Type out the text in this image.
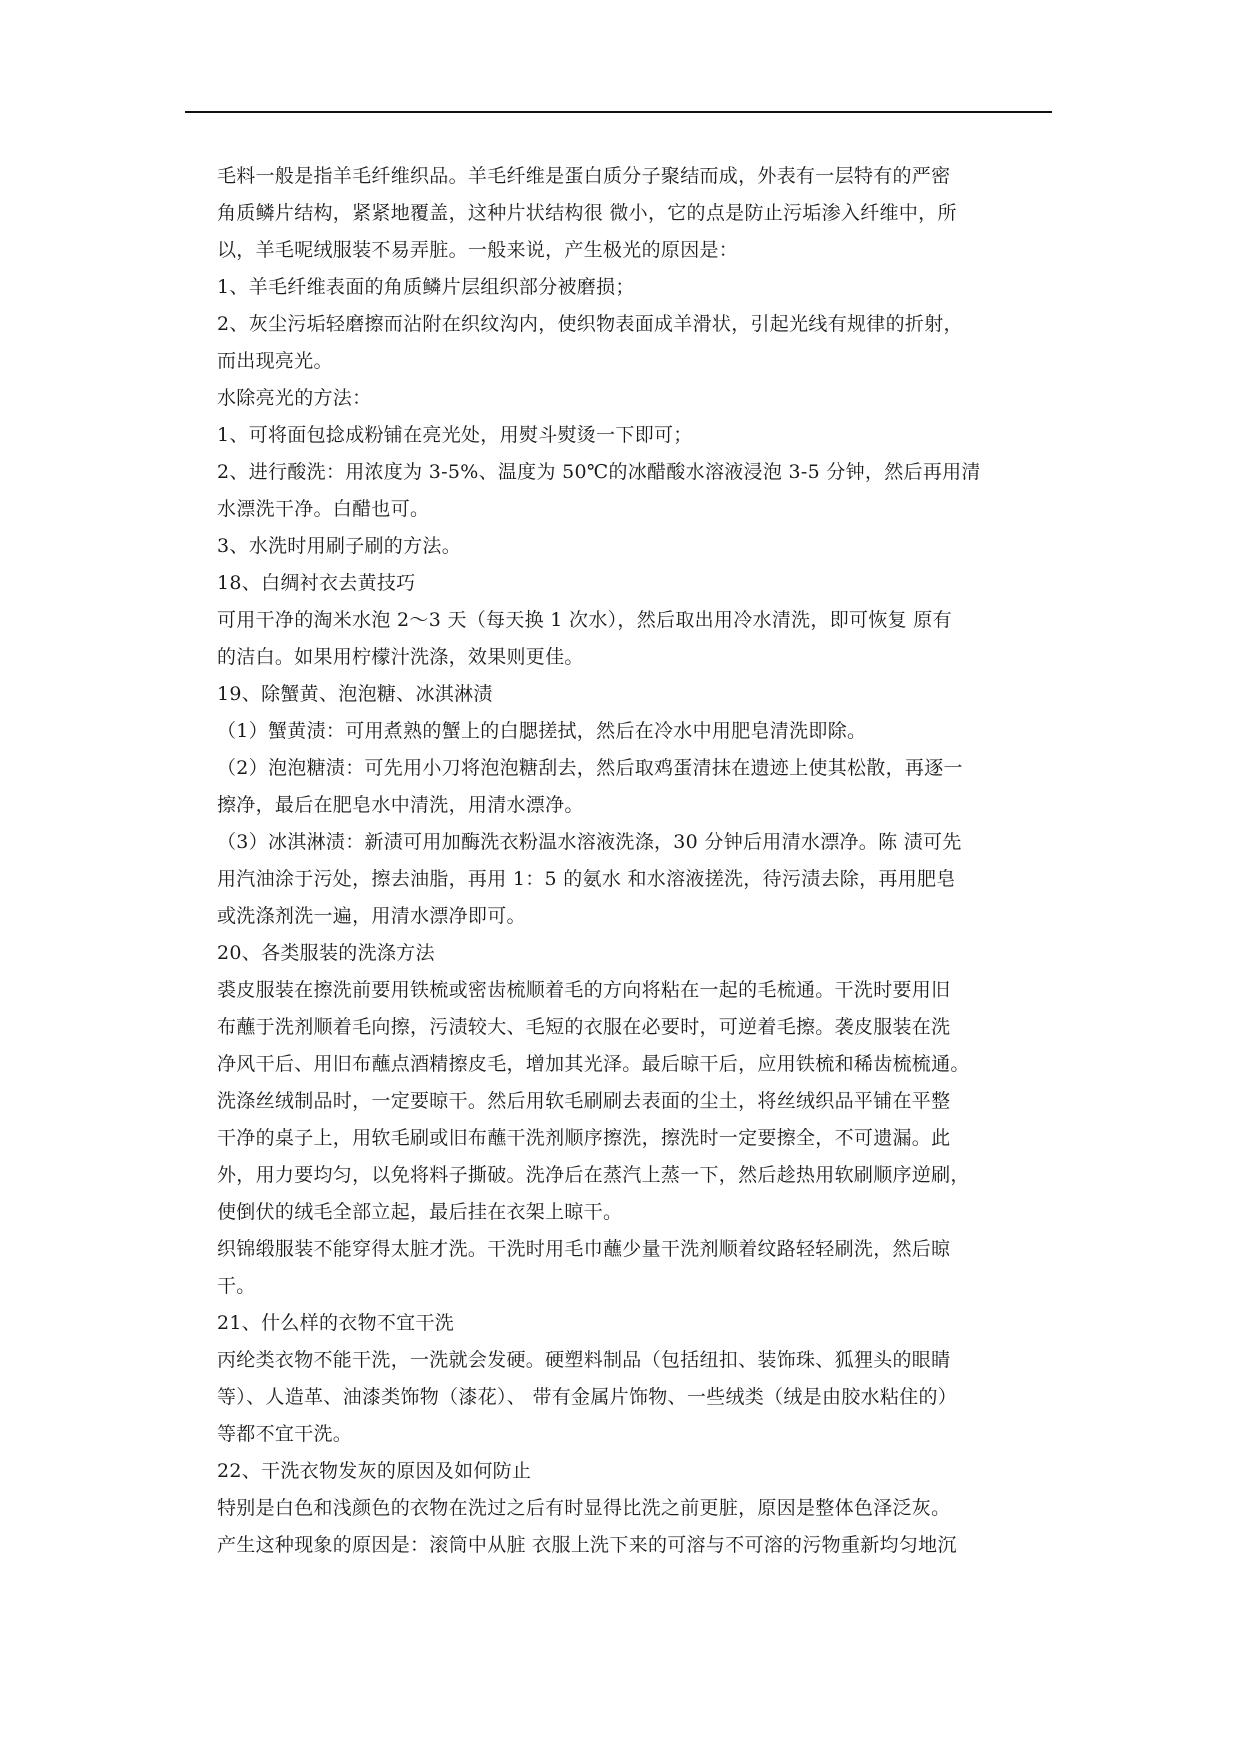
毛料一般是指羊毛纤维织品。羊毛纤维是蛋白质分子聚结而成，外表有一层特有的严密
角质鳞片结构，紧紧地覆盖，这种片状结构很 微小，它的点是防止污垢渗入纤维中，所
以，羊毛呢绒服装不易弄脏。一般来说，产生极光的原因是：
1、羊毛纤维表面的角质鳞片层组织部分被磨损；
2、灰尘污垢轻磨擦而沾附在织纹沟内，使织物表面成羊滑状，引起光线有规律的折射，
而出现亮光。
水除亮光的方法：
1、可将面包捻成粉铺在亮光处，用熨斗熨烫一下即可；
2、进行酸洗：用浓度为 3-5%、温度为 50℃的冰醋酸水溶液浸泡 3-5 分钟，然后再用清
水漂洗干净。白醋也可。
3、水洗时用刷子刷的方法。
18、白绸衬衣去黄技巧
可用干净的淘米水泡 2～3 天（每天换 1 次水），然后取出用冷水清洗，即可恢复 原有
的洁白。如果用柠檬汁洗涤，效果则更佳。
19、除蟹黄、泡泡糖、冰淇淋渍
（1）蟹黄渍：可用煮熟的蟹上的白腮搓拭，然后在冷水中用肥皂清洗即除。
（2）泡泡糖渍：可先用小刀将泡泡糖刮去，然后取鸡蛋清抹在遗迹上使其松散，再逐一
擦净，最后在肥皂水中清洗，用清水漂净。
（3）冰淇淋渍：新渍可用加酶洗衣粉温水溶液洗涤，30 分钟后用清水漂净。陈 渍可先
用汽油涂于污处，擦去油脂，再用 1：5 的氨水 和水溶液搓洗，待污渍去除，再用肥皂
或洗涤剂洗一遍，用清水漂净即可。
20、各类服装的洗涤方法
裘皮服装在擦洗前要用铁梳或密齿梳顺着毛的方向将粘在一起的毛梳通。干洗时要用旧
布蘸于洗剂顺着毛向擦，污渍较大、毛短的衣服在必要时，可逆着毛擦。袭皮服装在洗
净风干后、用旧布蘸点酒精擦皮毛，增加其光泽。最后晾干后，应用铁梳和稀齿梳梳通。
洗涤丝绒制品时，一定要晾干。然后用软毛刷刷去表面的尘土，将丝绒织品平铺在平整
干净的桌子上，用软毛刷或旧布蘸干洗剂顺序擦洗，擦洗时一定要擦全，不可遗漏。此
外，用力要均匀，以免将料子撕破。洗净后在蒸汽上蒸一下，然后趁热用软刷顺序逆刷，
使倒伏的绒毛全部立起，最后挂在衣架上晾干。
织锦缎服装不能穿得太脏才洗。干洗时用毛巾蘸少量干洗剂顺着纹路轻轻刷洗，然后晾
干。
21、什么样的衣物不宜干洗
丙纶类衣物不能干洗，一洗就会发硬。硬塑料制品（包括纽扣、装饰珠、狐狸头的眼睛
等）、人造革、油漆类饰物（漆花）、 带有金属片饰物、一些绒类（绒是由胶水粘住的）
等都不宜干洗。
22、干洗衣物发灰的原因及如何防止
特别是白色和浅颜色的衣物在洗过之后有时显得比洗之前更脏，原因是整体色泽泛灰。
产生这种现象的原因是：滚筒中从脏 衣服上洗下来的可溶与不可溶的污物重新均匀地沉
